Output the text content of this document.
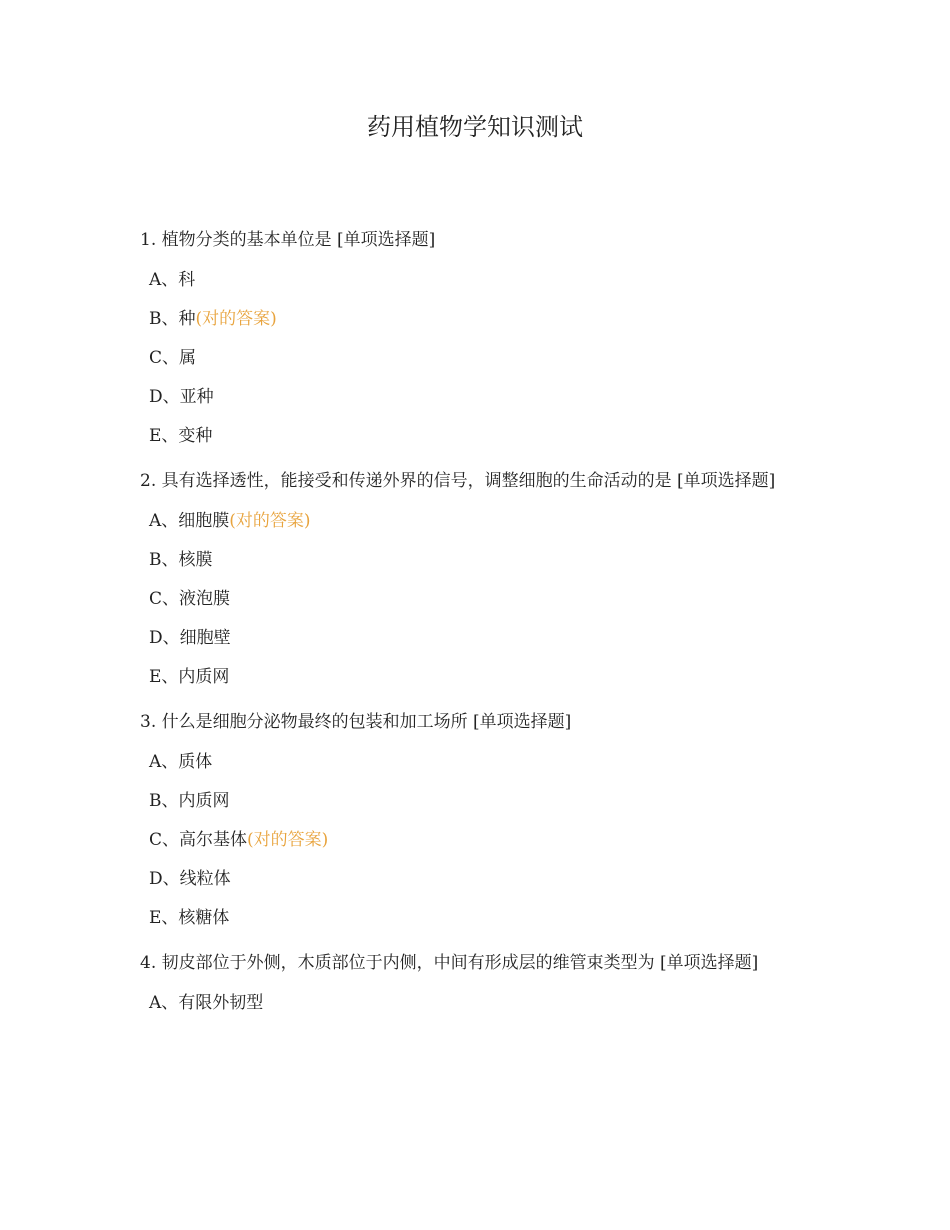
药用植物学知识测试
1. 植物分类的基本单位是 [单项选择题]
A、科
B、种(对的答案)
C、属
D、亚种
E、变种
2. 具有选择透性，能接受和传递外界的信号，调整细胞的生命活动的是 [单项选择题]
A、细胞膜(对的答案)
B、核膜
C、液泡膜
D、细胞壁
E、内质网
3. 什么是细胞分泌物最终的包装和加工场所 [单项选择题]
A、质体
B、内质网
C、高尔基体(对的答案)
D、线粒体
E、核糖体
4. 韧皮部位于外侧，木质部位于内侧，中间有形成层的维管束类型为 [单项选择题]
A、有限外韧型
